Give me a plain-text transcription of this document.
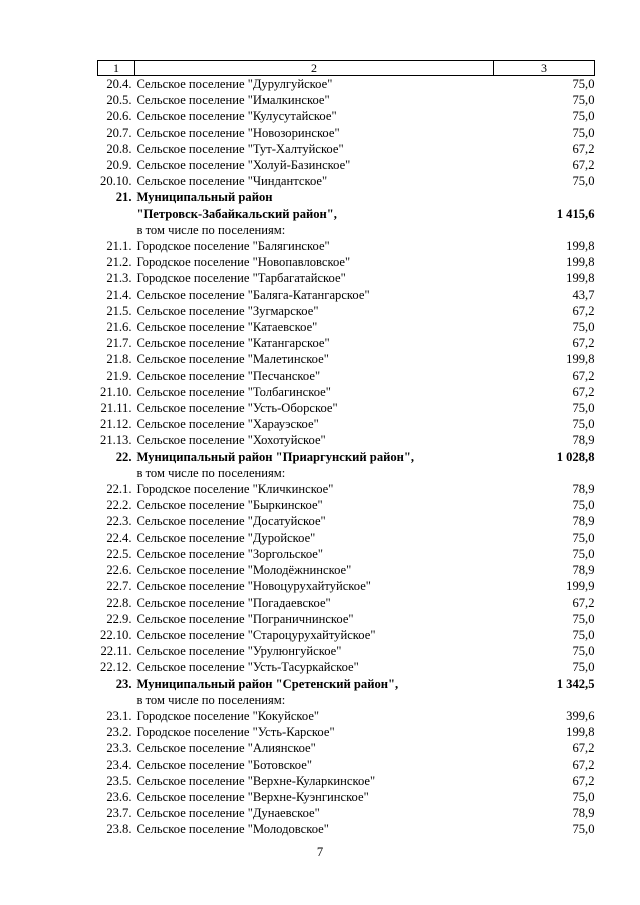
1	2	3
20.4.	Сельское поселение "Дурулгуйское"	75,0
20.5.	Сельское поселение "Ималкинское"	75,0
20.6.	Сельское поселение "Кулусутайское"	75,0
20.7.	Сельское поселение "Новозоринское"	75,0
20.8.	Сельское поселение "Тут-Халтуйское"	67,2
20.9.	Сельское поселение "Холуй-Базинское"	67,2
20.10.	Сельское поселение "Чиндантское"	75,0
21.	Муниципальный район	
	"Петровск-Забайкальский район",	1 415,6
	в том числе по поселениям:	
21.1.	Городское поселение "Балягинское"	199,8
21.2.	Городское поселение "Новопавловское"	199,8
21.3.	Городское поселение "Тарбагатайское"	199,8
21.4.	Сельское поселение "Баляга-Катангарское"	43,7
21.5.	Сельское поселение "Зугмарское"	67,2
21.6.	Сельское поселение "Катаевское"	75,0
21.7.	Сельское поселение "Катангарское"	67,2
21.8.	Сельское поселение "Малетинское"	199,8
21.9.	Сельское поселение "Песчанское"	67,2
21.10.	Сельское поселение "Толбагинское"	67,2
21.11.	Сельское поселение "Усть-Оборское"	75,0
21.12.	Сельское поселение "Харауэское"	75,0
21.13.	Сельское поселение "Хохотуйское"	78,9
22.	Муниципальный район "Приаргунский район",	1 028,8
	в том числе по поселениям:	
22.1.	Городское поселение "Кличкинское"	78,9
22.2.	Сельское поселение "Быркинское"	75,0
22.3.	Сельское поселение "Досатуйское"	78,9
22.4.	Сельское поселение "Дуройское"	75,0
22.5.	Сельское поселение "Зоргольское"	75,0
22.6.	Сельское поселение "Молодёжнинское"	78,9
22.7.	Сельское поселение "Новоцурухайтуйское"	199,9
22.8.	Сельское поселение "Погадаевское"	67,2
22.9.	Сельское поселение "Пограничнинское"	75,0
22.10.	Сельское поселение "Староцурухайтуйское"	75,0
22.11.	Сельское поселение "Урулюнгуйское"	75,0
22.12.	Сельское поселение "Усть-Тасуркайское"	75,0
23.	Муниципальный район "Сретенский район",	1 342,5
	в том числе по поселениям:	
23.1.	Городское поселение "Кокуйское"	399,6
23.2.	Городское поселение "Усть-Карское"	199,8
23.3.	Сельское поселение "Алиянское"	67,2
23.4.	Сельское поселение "Ботовское"	67,2
23.5.	Сельское поселение "Верхне-Куларкинское"	67,2
23.6.	Сельское поселение "Верхне-Куэнгинское"	75,0
23.7.	Сельское поселение "Дунаевское"	78,9
23.8.	Сельское поселение "Молодовское"	75,0
7
